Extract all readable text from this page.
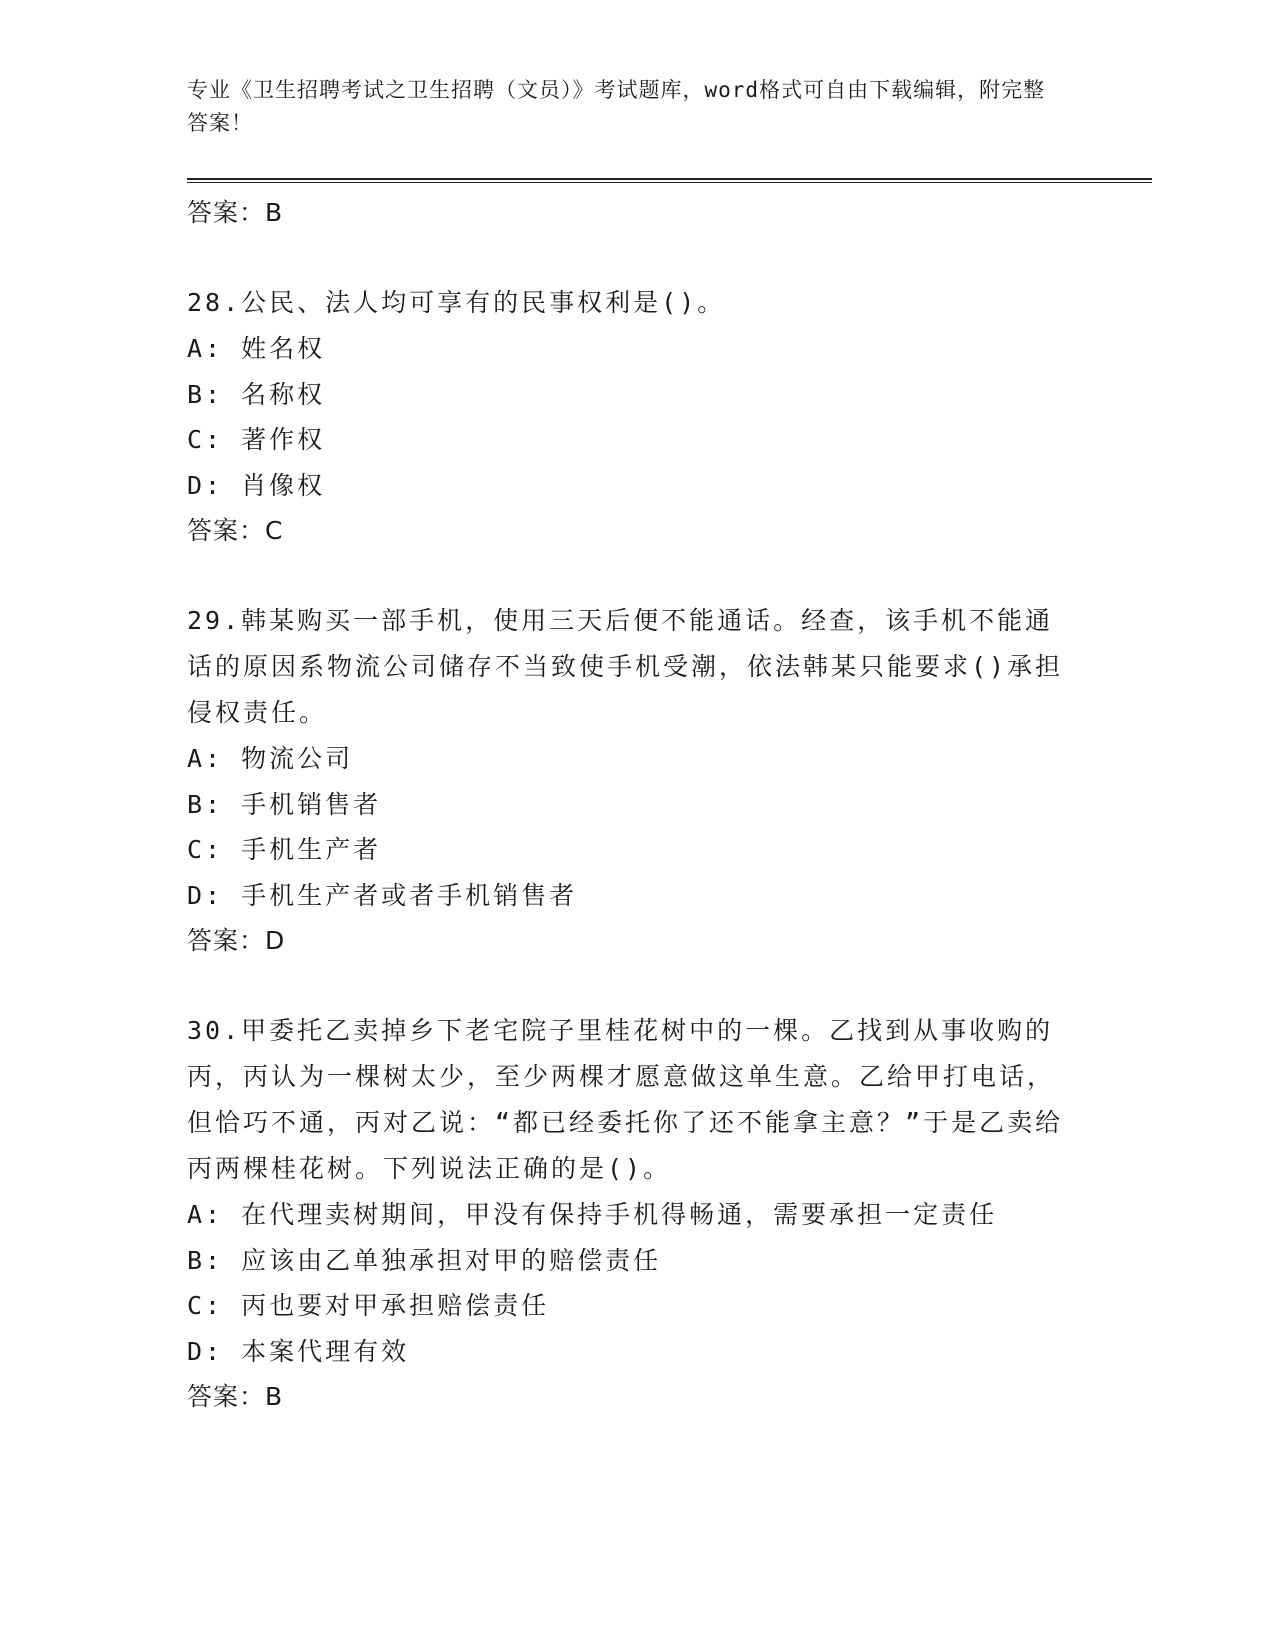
专业《卫生招聘考试之卫生招聘（文员）》考试题库，word格式可自由下载编辑，附完整答案！
答案：B
28.公民、法人均可享有的民事权利是()。
A: 姓名权
B: 名称权
C: 著作权
D: 肖像权
答案：C
29.韩某购买一部手机，使用三天后便不能通话。经查，该手机不能通话的原因系物流公司储存不当致使手机受潮，依法韩某只能要求()承担侵权责任。
A: 物流公司
B: 手机销售者
C: 手机生产者
D: 手机生产者或者手机销售者
答案：D
30.甲委托乙卖掉乡下老宅院子里桂花树中的一棵。乙找到从事收购的丙，丙认为一棵树太少，至少两棵才愿意做这单生意。乙给甲打电话，但恰巧不通，丙对乙说：“都已经委托你了还不能拿主意？”于是乙卖给丙两棵桂花树。下列说法正确的是()。
A: 在代理卖树期间，甲没有保持手机得畅通，需要承担一定责任
B: 应该由乙单独承担对甲的赔偿责任
C: 丙也要对甲承担赔偿责任
D: 本案代理有效
答案：B
